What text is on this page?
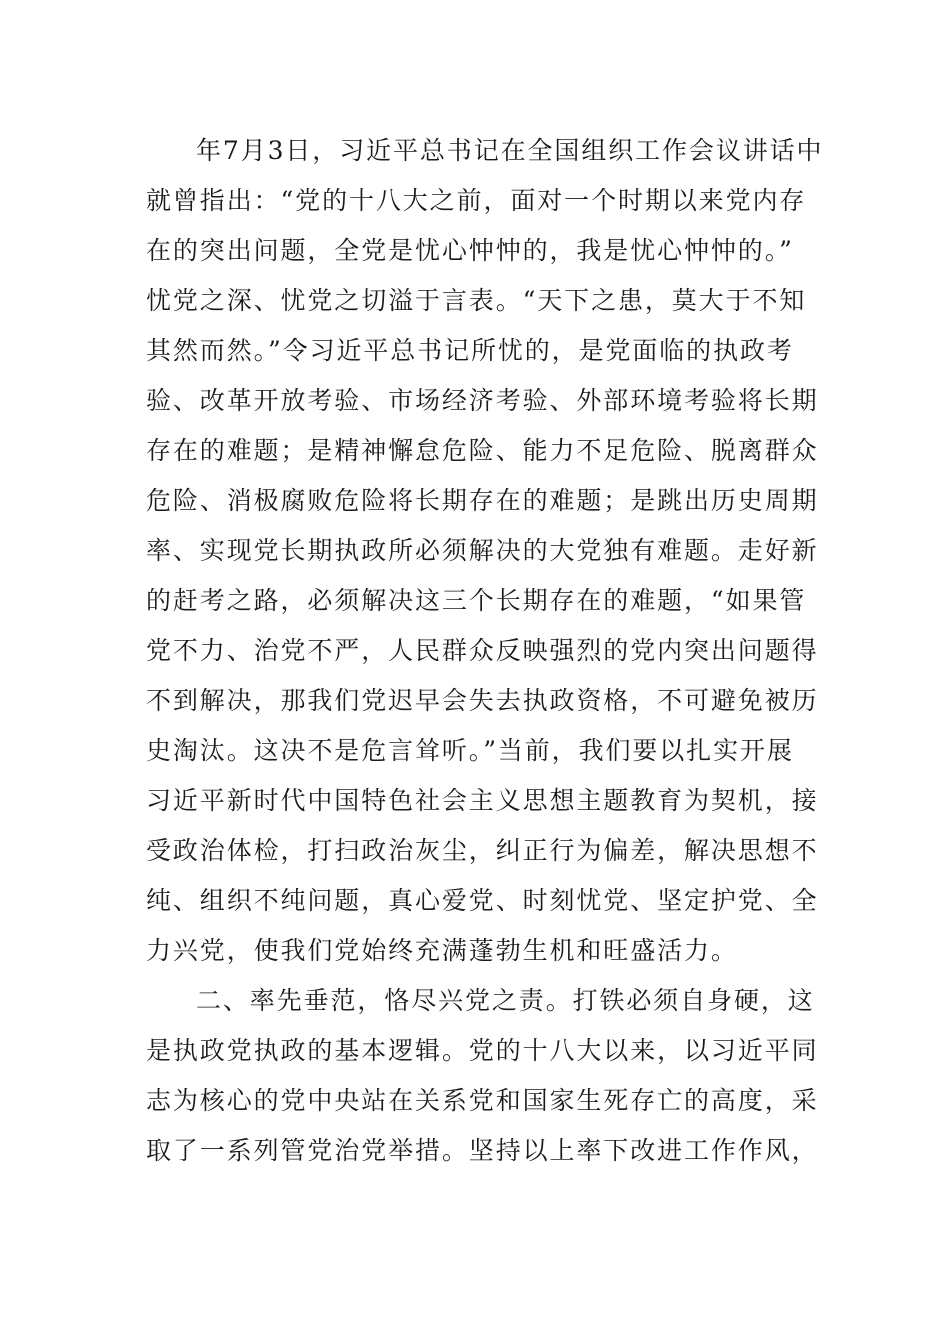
年7月3日，习近平总书记在全国组织工作会议讲话中

就曾指出：“党的十八大之前，面对一个时期以来党内存

在的突出问题，全党是忧心忡忡的，我是忧心忡忡的。”

忧党之深、忧党之切溢于言表。“天下之患，莫大于不知

其然而然。”令习近平总书记所忧的，是党面临的执政考

验、改革开放考验、市场经济考验、外部环境考验将长期

存在的难题；是精神懈怠危险、能力不足危险、脱离群众

危险、消极腐败危险将长期存在的难题；是跳出历史周期

率、实现党长期执政所必须解决的大党独有难题。走好新

的赶考之路，必须解决这三个长期存在的难题，“如果管

党不力、治党不严，人民群众反映强烈的党内突出问题得

不到解决，那我们党迟早会失去执政资格，不可避免被历

史淘汰。这决不是危言耸听。”当前，我们要以扎实开展

习近平新时代中国特色社会主义思想主题教育为契机，接

受政治体检，打扫政治灰尘，纠正行为偏差，解决思想不

纯、组织不纯问题，真心爱党、时刻忧党、坚定护党、全

力兴党，使我们党始终充满蓬勃生机和旺盛活力。

二、率先垂范，恪尽兴党之责。打铁必须自身硬，这

是执政党执政的基本逻辑。党的十八大以来，以习近平同

志为核心的党中央站在关系党和国家生死存亡的高度，采

取了一系列管党治党举措。坚持以上率下改进工作作风，
